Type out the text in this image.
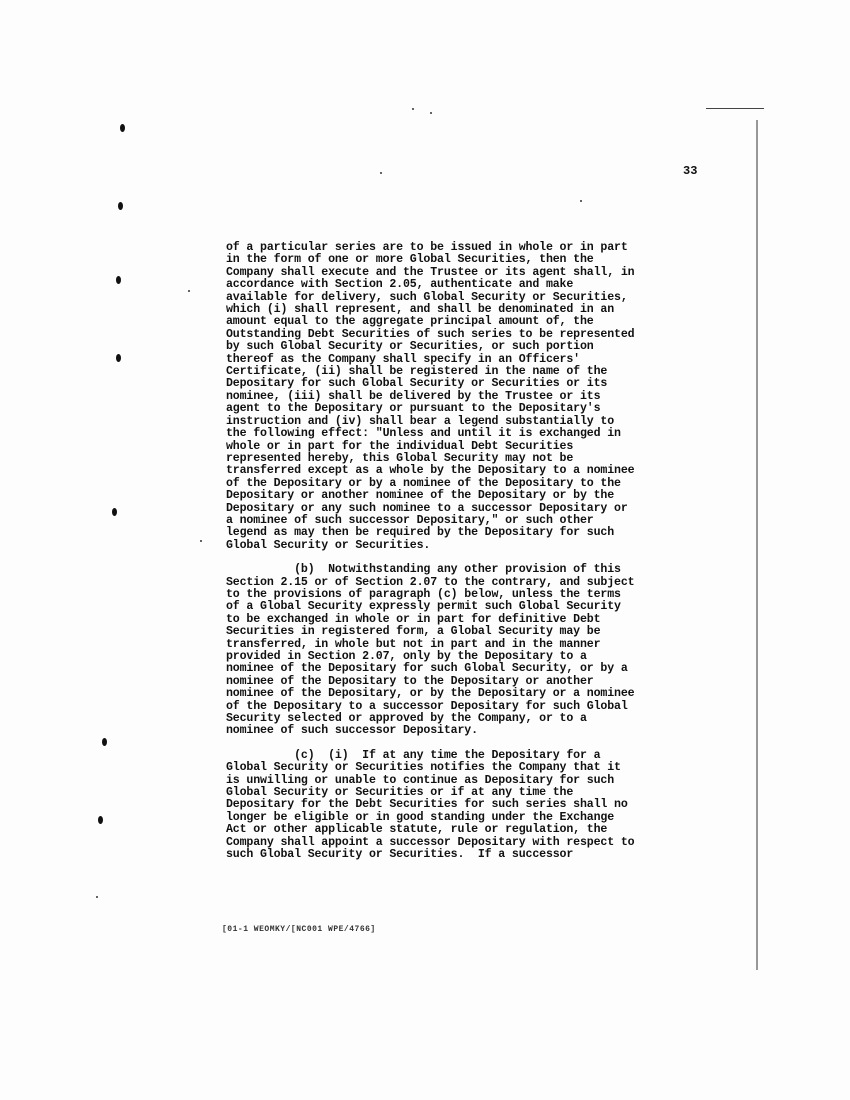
33
of a particular series are to be issued in whole or in part
in the form of one or more Global Securities, then the
Company shall execute and the Trustee or its agent shall, in
accordance with Section 2.05, authenticate and make
available for delivery, such Global Security or Securities,
which (i) shall represent, and shall be denominated in an
amount equal to the aggregate principal amount of, the
Outstanding Debt Securities of such series to be represented
by such Global Security or Securities, or such portion
thereof as the Company shall specify in an Officers'
Certificate, (ii) shall be registered in the name of the
Depositary for such Global Security or Securities or its
nominee, (iii) shall be delivered by the Trustee or its
agent to the Depositary or pursuant to the Depositary's
instruction and (iv) shall bear a legend substantially to
the following effect: "Unless and until it is exchanged in
whole or in part for the individual Debt Securities
represented hereby, this Global Security may not be
transferred except as a whole by the Depositary to a nominee
of the Depositary or by a nominee of the Depositary to the
Depositary or another nominee of the Depositary or by the
Depositary or any such nominee to a successor Depositary or
a nominee of such successor Depositary," or such other
legend as may then be required by the Depositary for such
Global Security or Securities.
(b)  Notwithstanding any other provision of this
Section 2.15 or of Section 2.07 to the contrary, and subject
to the provisions of paragraph (c) below, unless the terms
of a Global Security expressly permit such Global Security
to be exchanged in whole or in part for definitive Debt
Securities in registered form, a Global Security may be
transferred, in whole but not in part and in the manner
provided in Section 2.07, only by the Depositary to a
nominee of the Depositary for such Global Security, or by a
nominee of the Depositary to the Depositary or another
nominee of the Depositary, or by the Depositary or a nominee
of the Depositary to a successor Depositary for such Global
Security selected or approved by the Company, or to a
nominee of such successor Depositary.
(c)  (i)  If at any time the Depositary for a
Global Security or Securities notifies the Company that it
is unwilling or unable to continue as Depositary for such
Global Security or Securities or if at any time the
Depositary for the Debt Securities for such series shall no
longer be eligible or in good standing under the Exchange
Act or other applicable statute, rule or regulation, the
Company shall appoint a successor Depositary with respect to
such Global Security or Securities.  If a successor
[01-1 WEOMKY/[NC001 WPE/4766]
